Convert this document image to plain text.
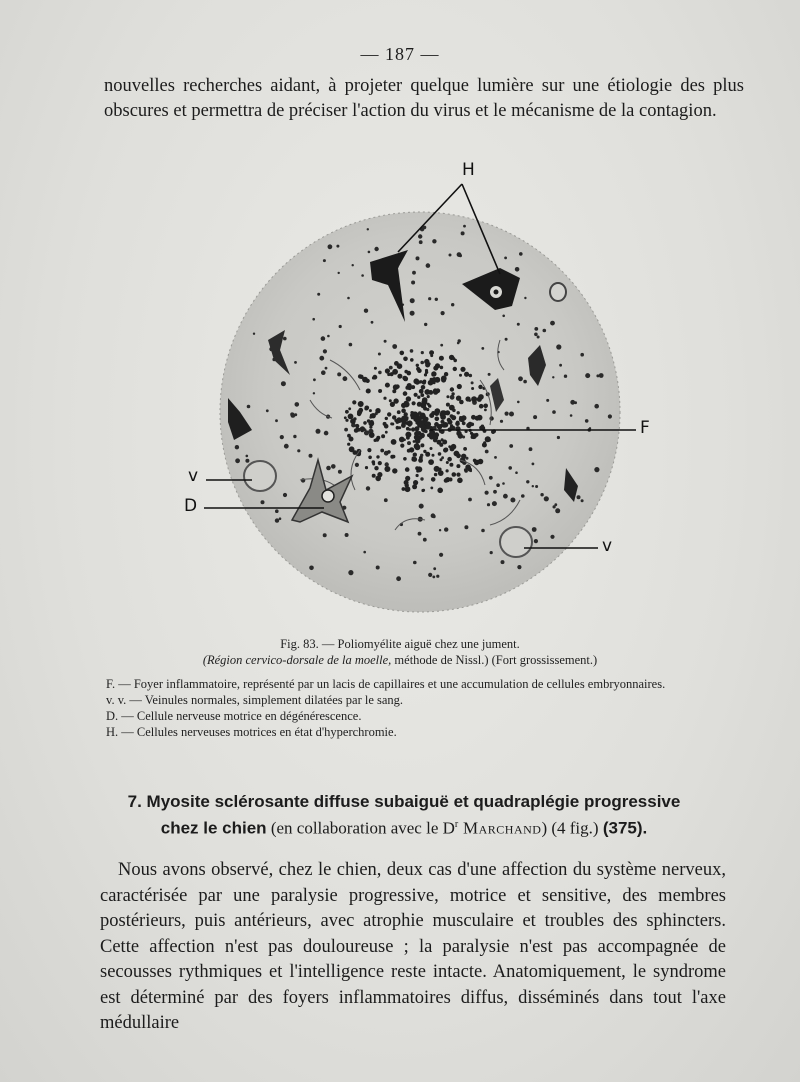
— 187 —

nouvelles recherches aidant, à projeter quelque lumière sur une étiologie des plus obscures et permettra de préciser l'action du virus et le mécanisme de la contagion.

H
F
v
D
v

Fig. 83. — Poliomyélite aiguë chez une jument.

(Région cervico-dorsale de la moelle, méthode de Nissl.) (Fort grossissement.)

F. — Foyer inflammatoire, représenté par un lacis de capillaires et une accumulation de cellules embryonnaires.

v. v. — Veinules normales, simplement dilatées par le sang.

D. — Cellule nerveuse motrice en dégénérescence.

H. — Cellules nerveuses motrices en état d'hyperchromie.

7. Myosite sclérosante diffuse subaiguë et quadraplégie progressive
chez le chien (en collaboration avec le $D^r$ Marchand) (4 fig.) (375).

Nous avons observé, chez le chien, deux cas d'une affection du système nerveux, caractérisée par une paralysie progressive, motrice et sensitive, des membres postérieurs, puis antérieurs, avec atrophie musculaire et troubles des sphincters. Cette affection n'est pas douloureuse ; la paralysie n'est pas accompagnée de secousses rythmiques et l'intelligence reste intacte. Anatomiquement, le syndrome est déterminé par des foyers inflammatoires diffus, disséminés dans tout l'axe médullaire
